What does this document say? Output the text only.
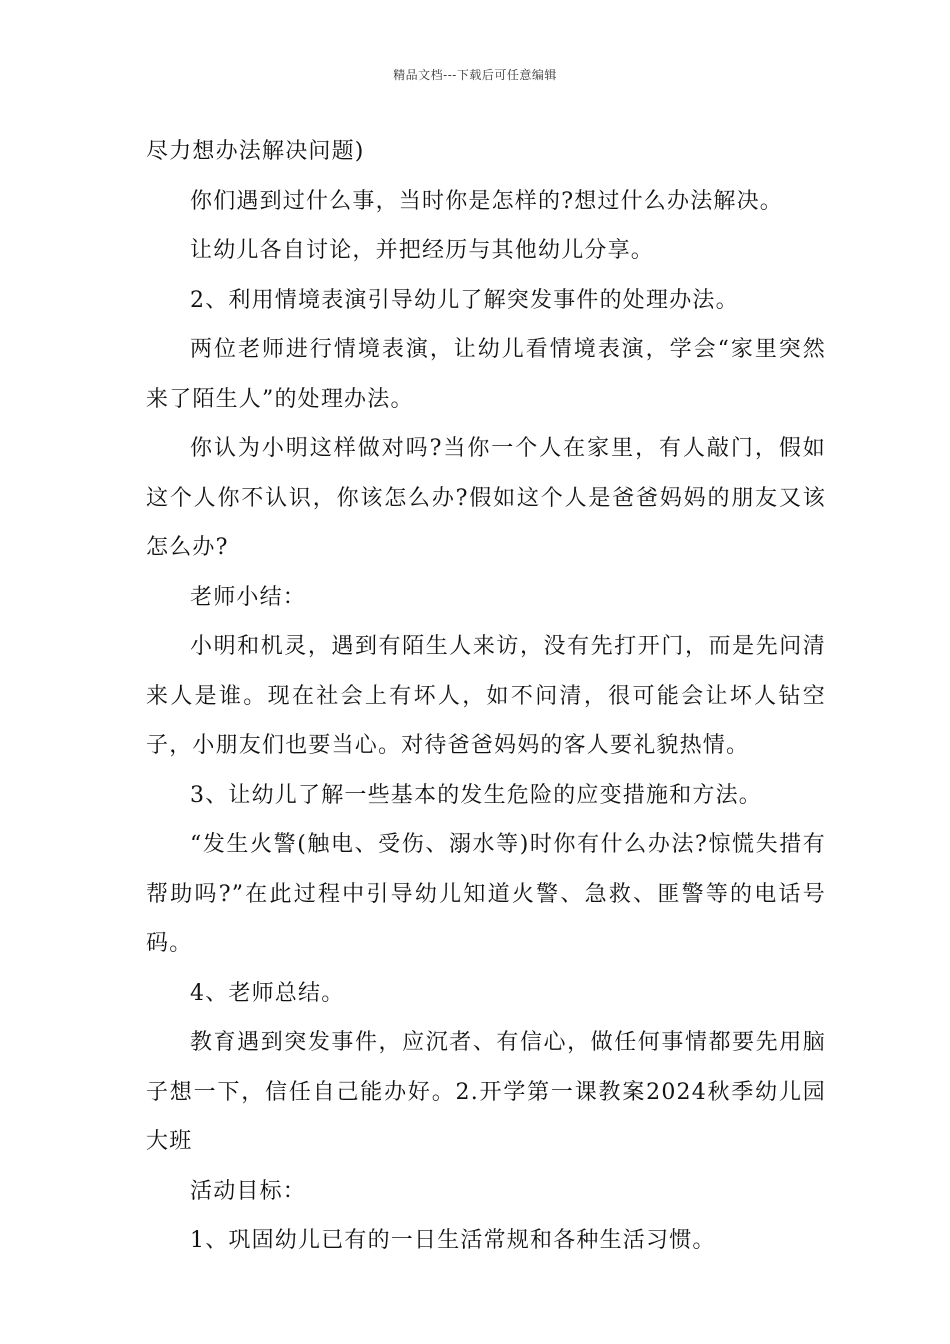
精品文档---下载后可任意编辑

尽力想办法解决问题)

你们遇到过什么事，当时你是怎样的?想过什么办法解决。

让幼儿各自讨论，并把经历与其他幼儿分享。

2、利用情境表演引导幼儿了解突发事件的处理办法。

两位老师进行情境表演，让幼儿看情境表演，学会“家里突然来了陌生人”的处理办法。

你认为小明这样做对吗?当你一个人在家里，有人敲门，假如这个人你不认识，你该怎么办?假如这个人是爸爸妈妈的朋友又该怎么办?

老师小结：

小明和机灵，遇到有陌生人来访，没有先打开门，而是先问清来人是谁。现在社会上有坏人，如不问清，很可能会让坏人钻空子，小朋友们也要当心。对待爸爸妈妈的客人要礼貌热情。

3、让幼儿了解一些基本的发生危险的应变措施和方法。

“发生火警(触电、受伤、溺水等)时你有什么办法?惊慌失措有帮助吗?”在此过程中引导幼儿知道火警、急救、匪警等的电话号码。

4、老师总结。

教育遇到突发事件，应沉者、有信心，做任何事情都要先用脑子想一下，信任自己能办好。2.开学第一课教案2024秋季幼儿园大班

活动目标：

1、巩固幼儿已有的一日生活常规和各种生活习惯。
